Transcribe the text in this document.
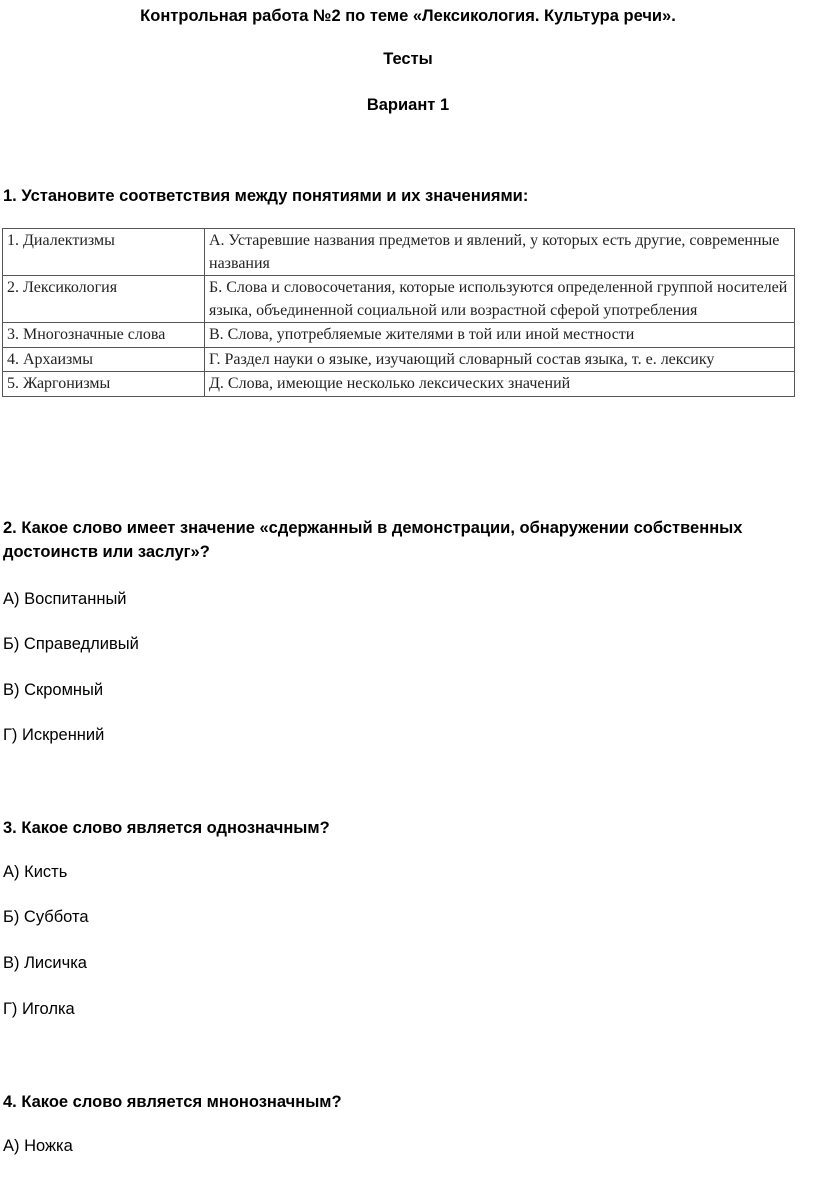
Контрольная работа №2 по теме «Лексикология. Культура речи».
Тесты
Вариант 1
1. Установите соответствия между понятиями и их значениями:
1. Диалектизмы	А. Устаревшие названия предметов и явлений, у которых есть другие, современные названия
2. Лексикология	Б. Слова и словосочетания, которые используются определенной группой носителей языка, объединенной социальной или возрастной сферой употребления
3. Многозначные слова	В. Слова, употребляемые жителями в той или иной местности
4. Архаизмы	Г. Раздел науки о языке, изучающий словарный состав языка, т. е. лексику
5. Жаргонизмы	Д. Слова, имеющие несколько лексических значений
2. Какое слово имеет значение «сдержанный в демонстрации, обнаружении собственных достоинств или заслуг»?
А) Воспитанный
Б) Справедливый
В) Скромный
Г) Искренний
3. Какое слово является однозначным?
А) Кисть
Б) Суббота
В) Лисичка
Г) Иголка
4. Какое слово является мнонозначным?
А) Ножка
